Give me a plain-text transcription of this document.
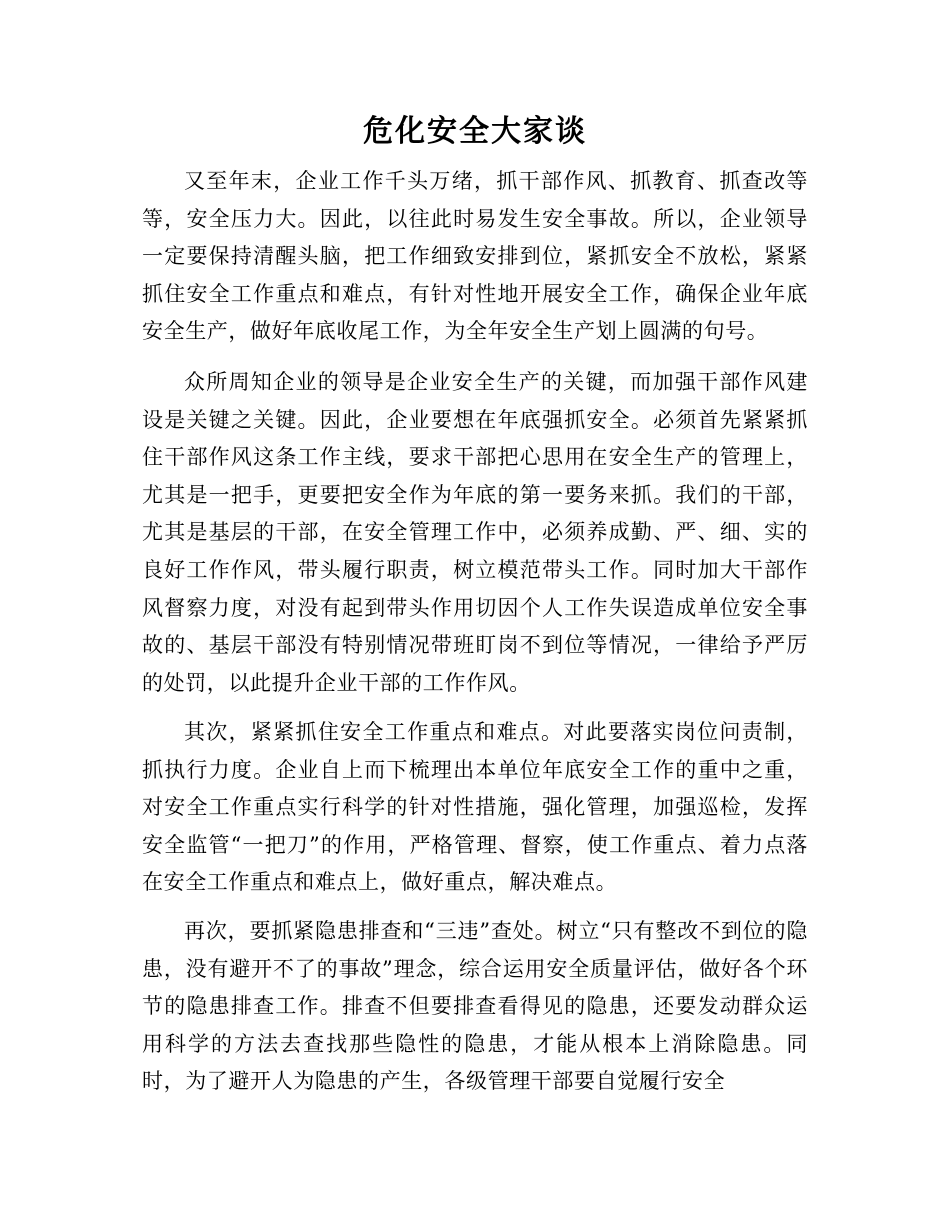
危化安全大家谈

又至年末，企业工作千头万绪，抓干部作风、抓教育、抓查改等等，安全压力大。因此，以往此时易发生安全事故。所以，企业领导一定要保持清醒头脑，把工作细致安排到位，紧抓安全不放松，紧紧抓住安全工作重点和难点，有针对性地开展安全工作，确保企业年底安全生产，做好年底收尾工作，为全年安全生产划上圆满的句号。

众所周知企业的领导是企业安全生产的关键，而加强干部作风建设是关键之关键。因此，企业要想在年底强抓安全。必须首先紧紧抓住干部作风这条工作主线，要求干部把心思用在安全生产的管理上，尤其是一把手，更要把安全作为年底的第一要务来抓。我们的干部，尤其是基层的干部，在安全管理工作中，必须养成勤、严、细、实的良好工作作风，带头履行职责，树立模范带头工作。同时加大干部作风督察力度，对没有起到带头作用切因个人工作失误造成单位安全事故的、基层干部没有特别情况带班盯岗不到位等情况，一律给予严厉的处罚，以此提升企业干部的工作作风。

其次，紧紧抓住安全工作重点和难点。对此要落实岗位问责制，抓执行力度。企业自上而下梳理出本单位年底安全工作的重中之重，对安全工作重点实行科学的针对性措施，强化管理，加强巡检，发挥安全监管“一把刀”的作用，严格管理、督察，使工作重点、着力点落在安全工作重点和难点上，做好重点，解决难点。

再次，要抓紧隐患排查和“三违”查处。树立“只有整改不到位的隐患，没有避开不了的事故”理念，综合运用安全质量评估，做好各个环节的隐患排查工作。排查不但要排查看得见的隐患，还要发动群众运用科学的方法去查找那些隐性的隐患，才能从根本上消除隐患。同时，为了避开人为隐患的产生，各级管理干部要自觉履行安全
